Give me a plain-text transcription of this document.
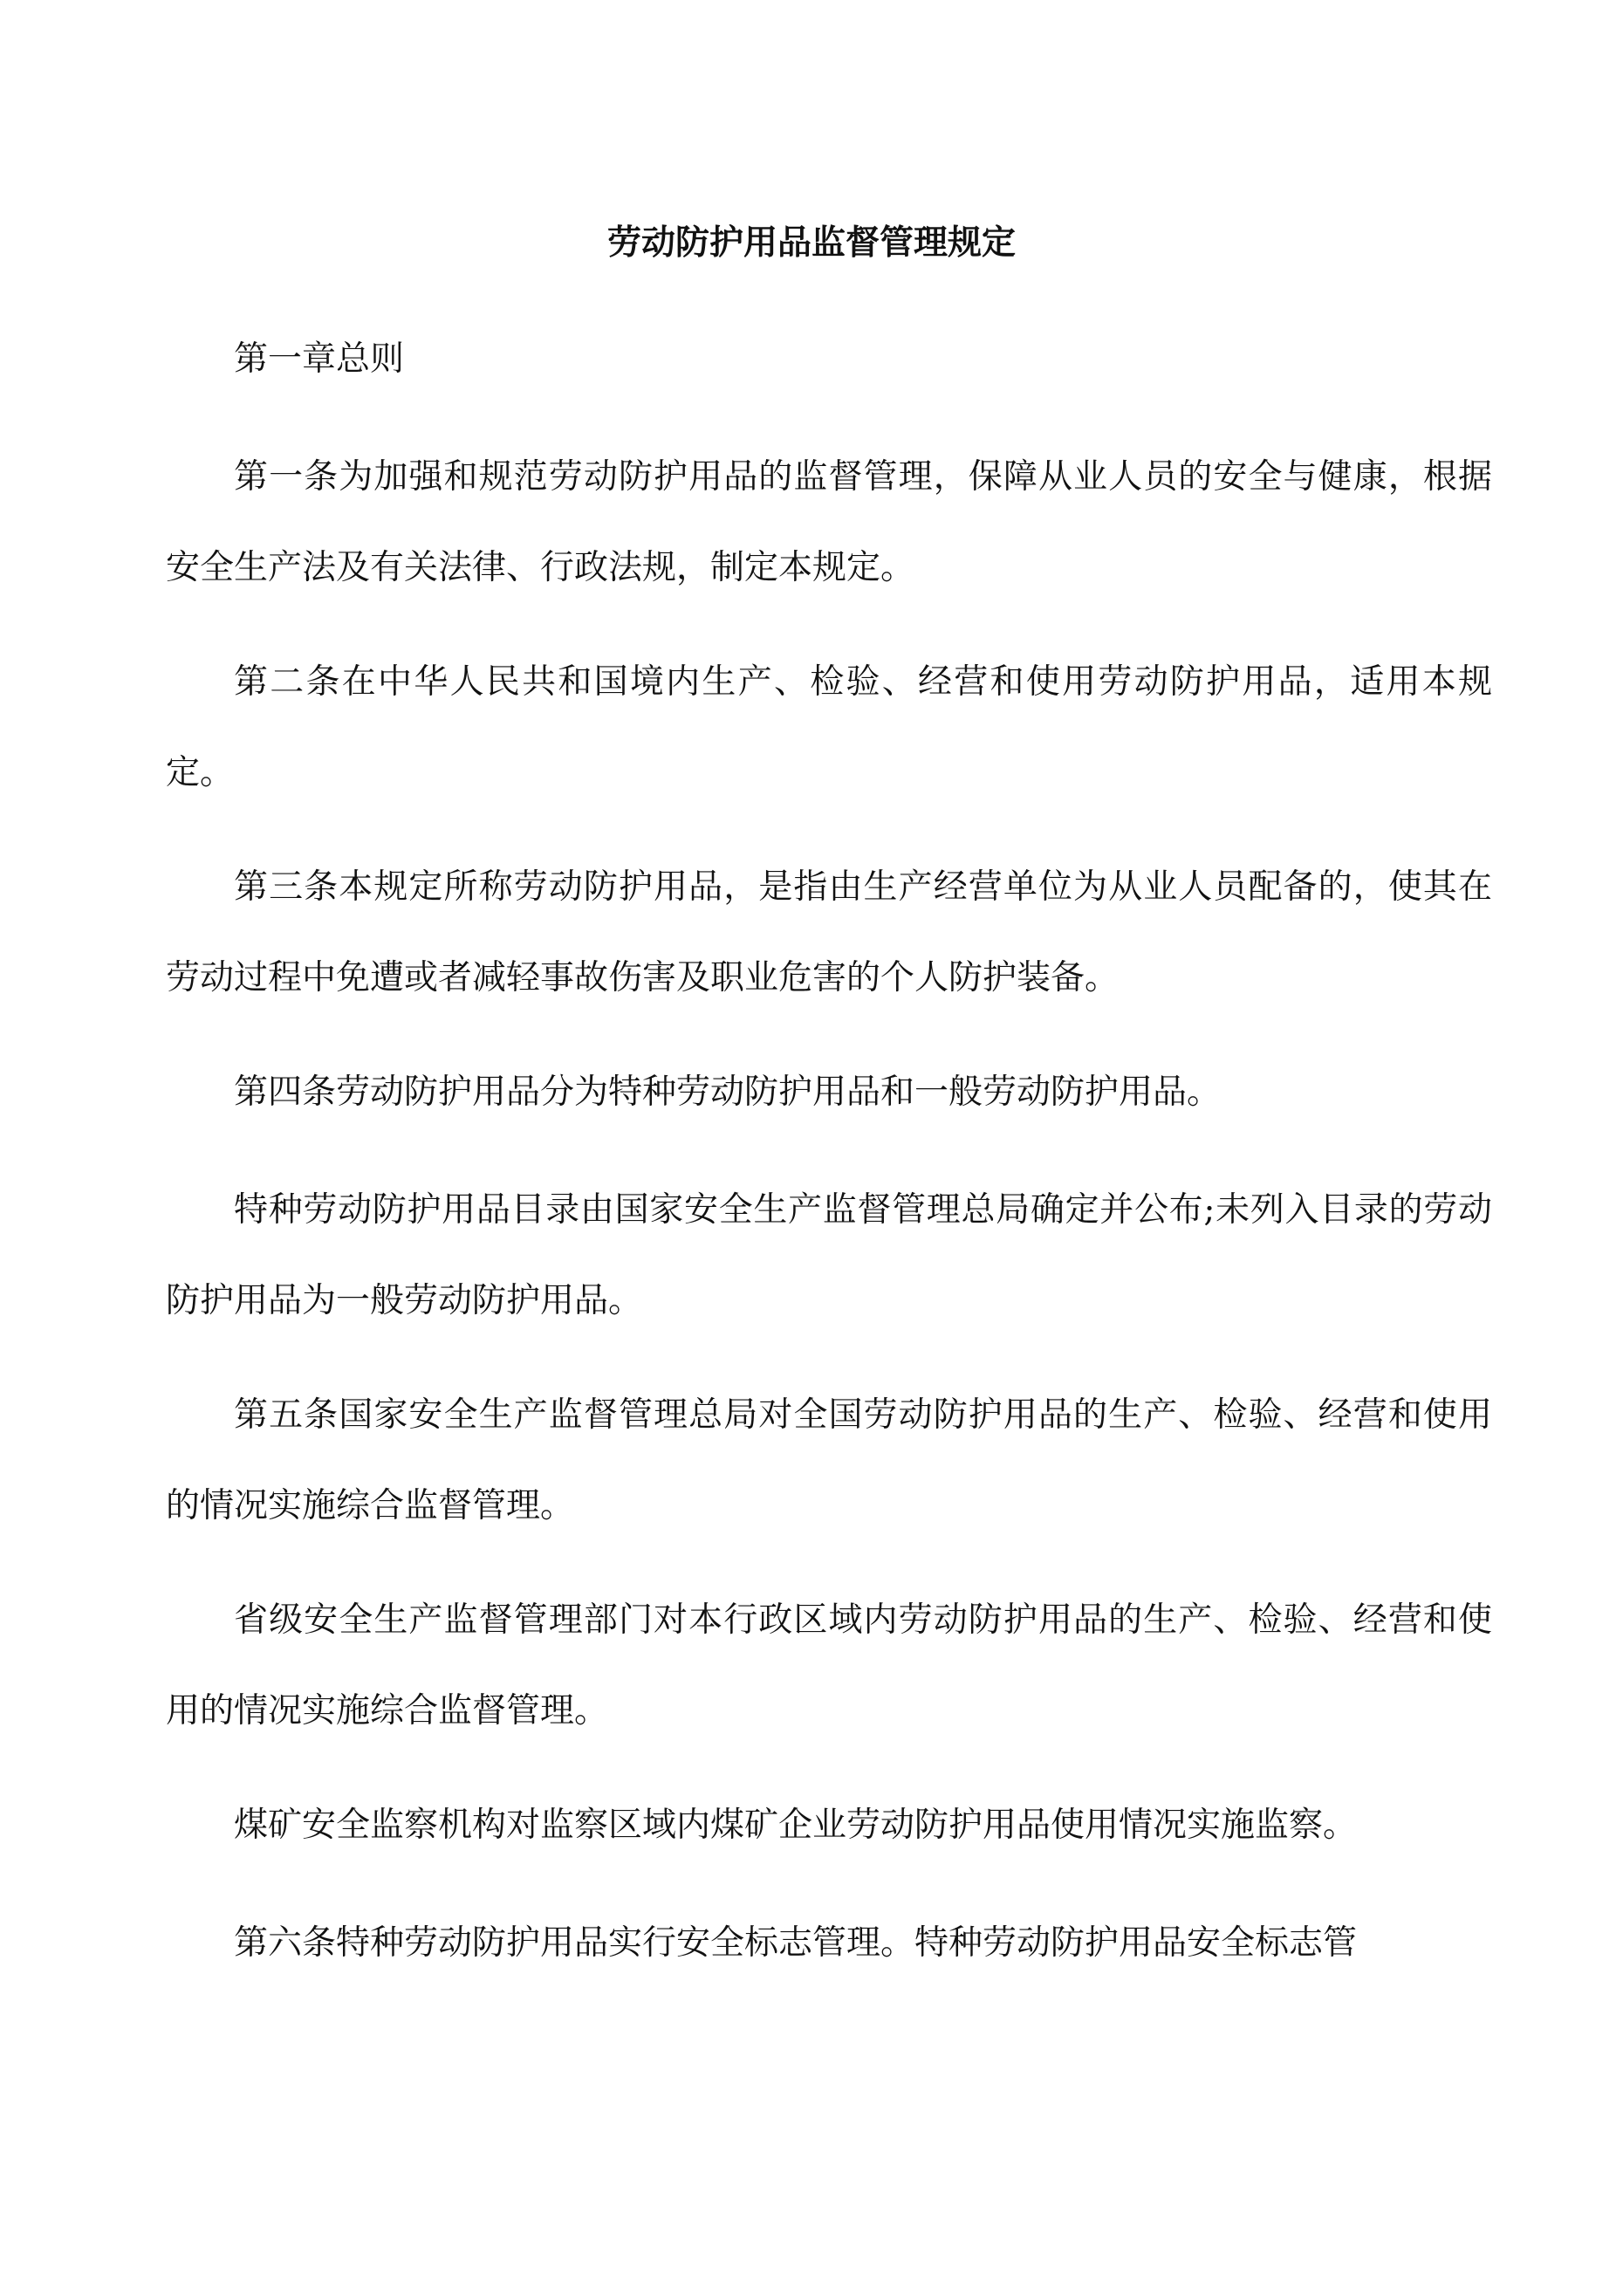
劳动防护用品监督管理规定

第一章总则

第一条为加强和规范劳动防护用品的监督管理，保障从业人员的安全与健康，根据安全生产法及有关法律、行政法规，制定本规定。

第二条在中华人民共和国境内生产、检验、经营和使用劳动防护用品，适用本规定。

第三条本规定所称劳动防护用品，是指由生产经营单位为从业人员配备的，使其在劳动过程中免遭或者减轻事故伤害及职业危害的个人防护装备。

第四条劳动防护用品分为特种劳动防护用品和一般劳动防护用品。

特种劳动防护用品目录由国家安全生产监督管理总局确定并公布;未列入目录的劳动防护用品为一般劳动防护用品。

第五条国家安全生产监督管理总局对全国劳动防护用品的生产、检验、经营和使用的情况实施综合监督管理。

省级安全生产监督管理部门对本行政区域内劳动防护用品的生产、检验、经营和使用的情况实施综合监督管理。

煤矿安全监察机构对监察区域内煤矿企业劳动防护用品使用情况实施监察。

第六条特种劳动防护用品实行安全标志管理。特种劳动防护用品安全标志管
